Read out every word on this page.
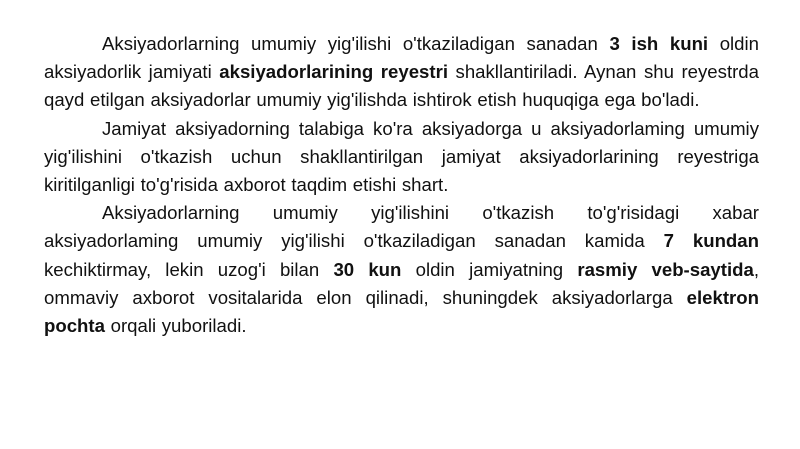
Aksiyadorlarning umumiy yig'ilishi o'tkaziladigan sanadan 3 ish kuni oldin aksiyadorlik jamiyati aksiyadorlarining reyestri shakllantiriladi. Aynan shu reyestrda qayd etilgan aksiyadorlar umumiy yig'ilishda ishtirok etish huquqiga ega bo'ladi.

Jamiyat aksiyadorning talabiga ko'ra aksiyadorga u aksiyadorlaming umumiy yig'ilishini o'tkazish uchun shakllantirilgan jamiyat aksiyadorlarining reyestriga kiritilganligi to'g'risida axborot taqdim etishi shart.

Aksiyadorlarning umumiy yig'ilishini o'tkazish to'g'risidagi xabar aksiyadorlaming umumiy yig'ilishi o'tkaziladigan sanadan kamida 7 kundan kechiktirmay, lekin uzog'i bilan 30 kun oldin jamiyatning rasmiy veb-saytida, ommaviy axborot vositalarida elon qilinadi, shuningdek aksiyadorlarga elektron pochta orqali yuboriladi.
